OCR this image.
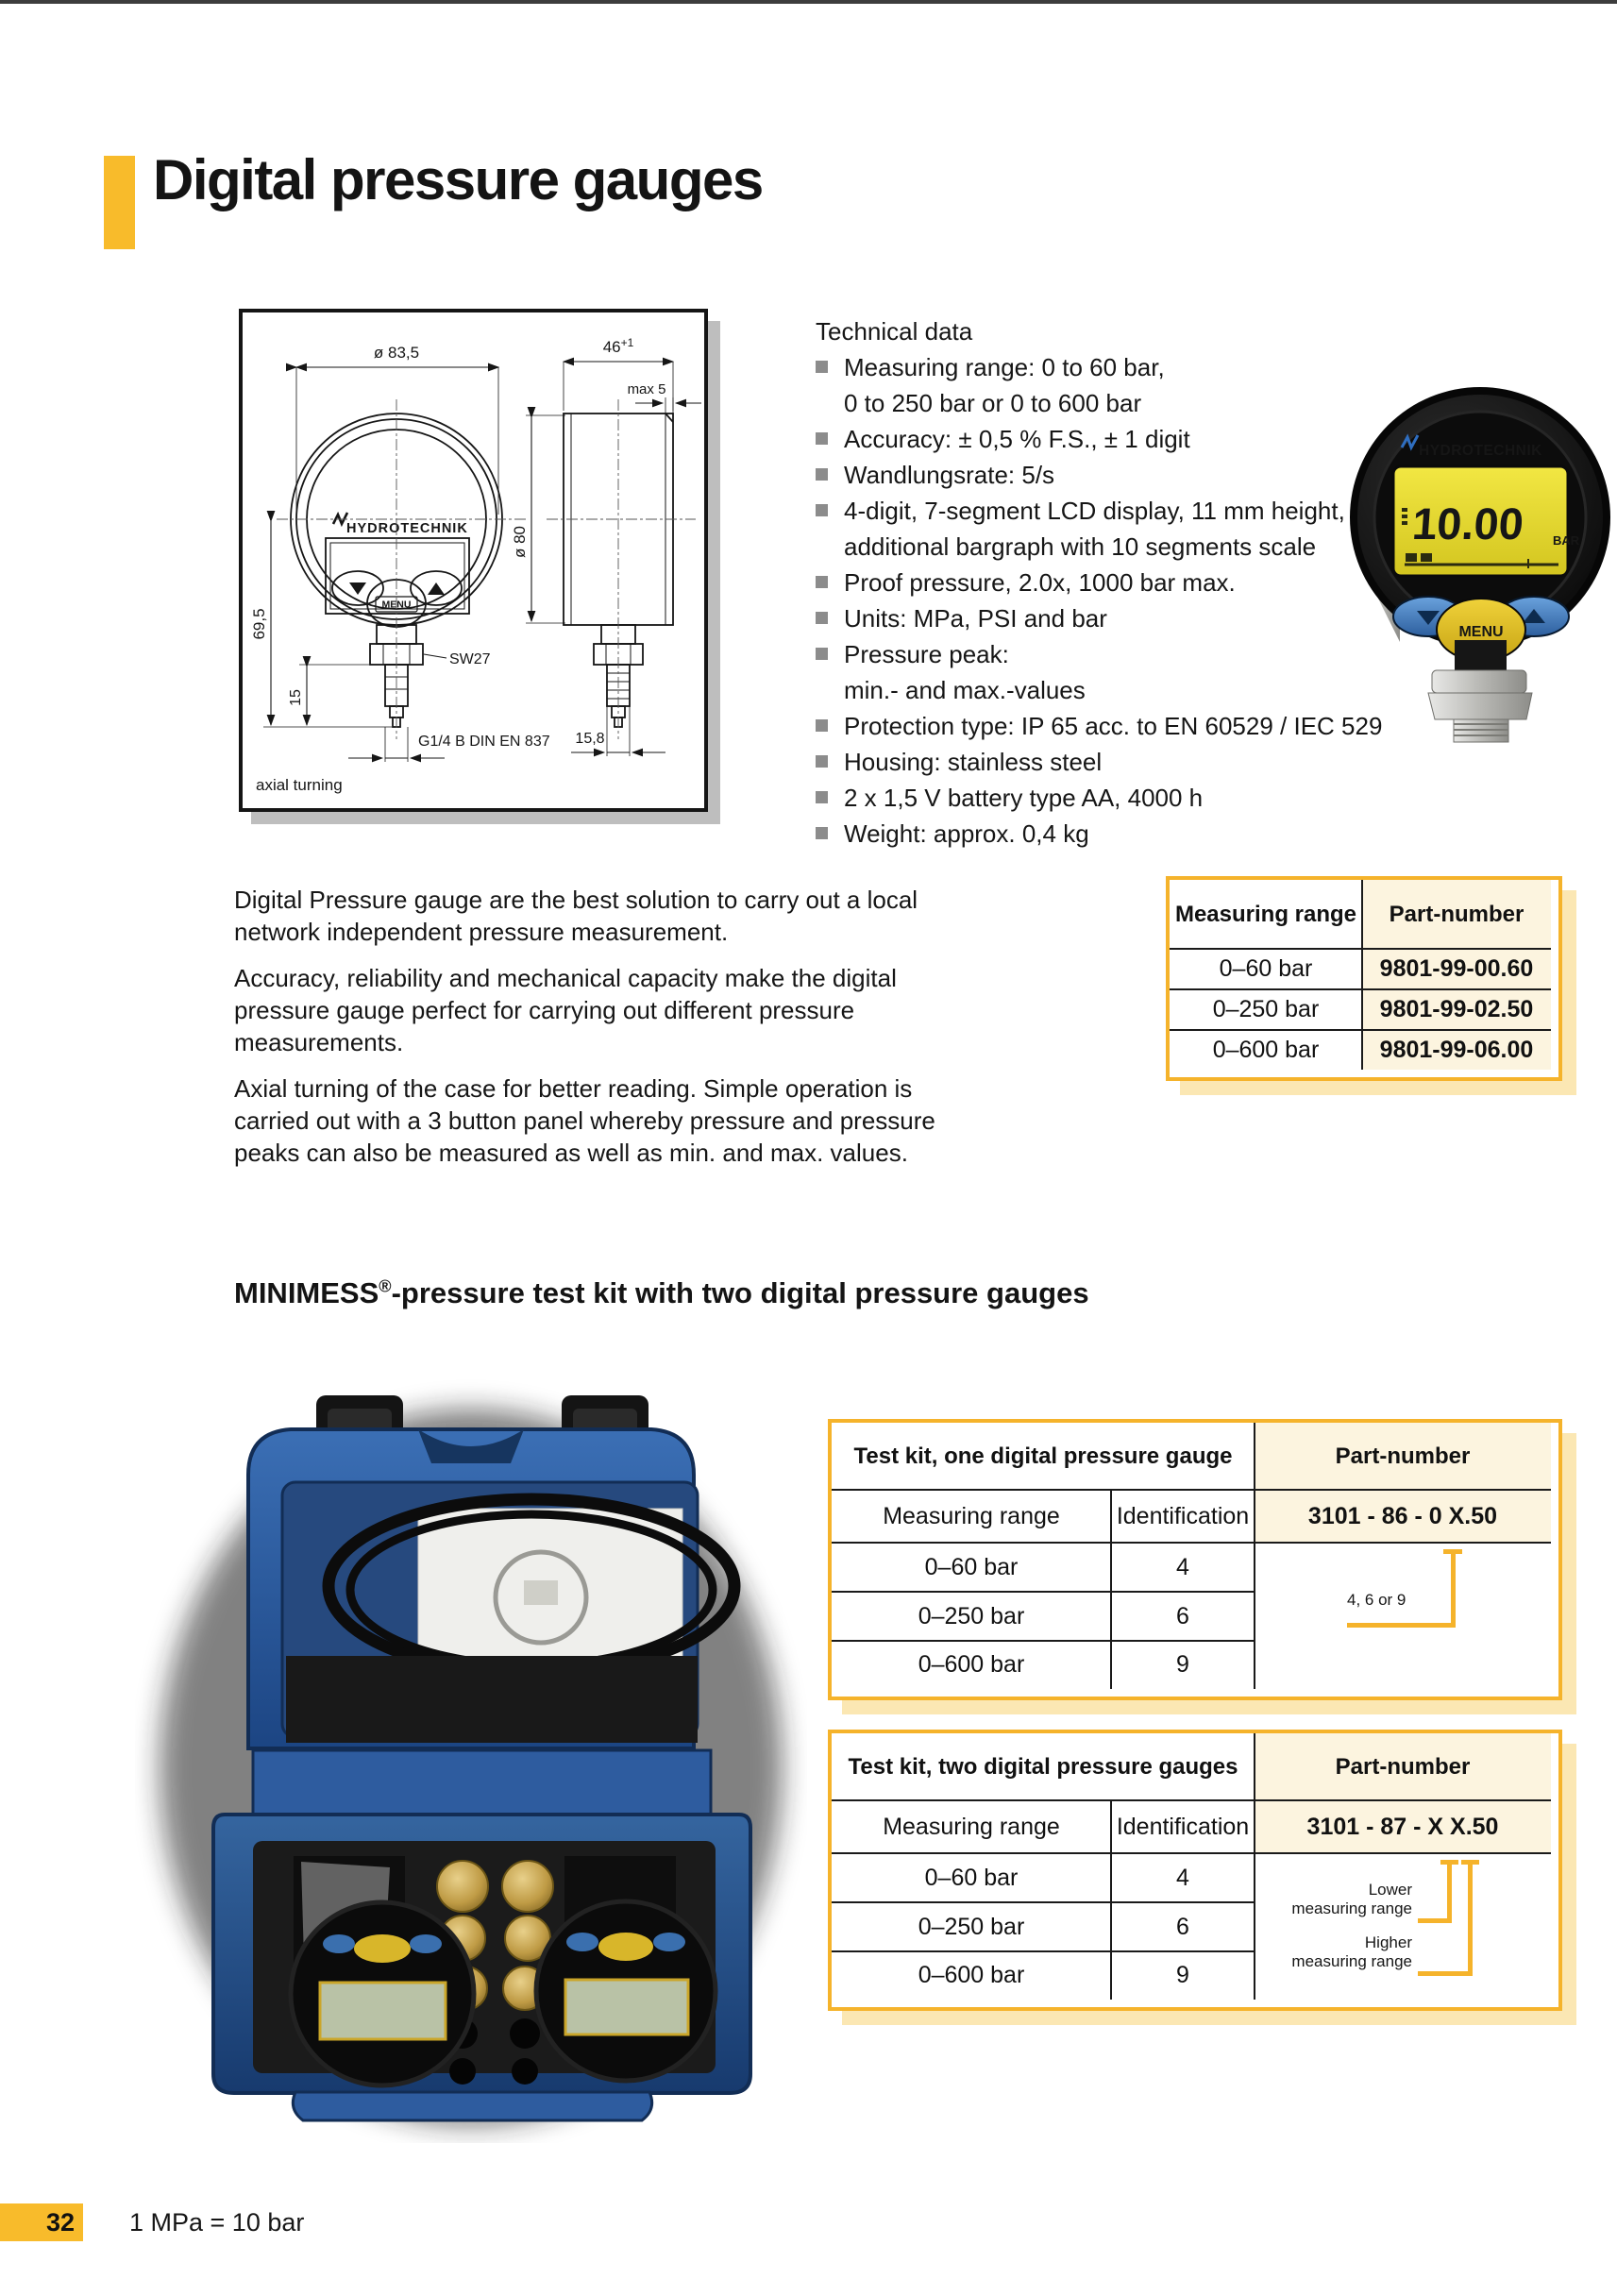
Digital pressure gauges
MENU
HYDROTECHNIK
ø 83,5	$46^{+1}$
max 5
ø 80
69,5
15
SW27
G1/4 B DIN EN 837 15,8
axial turning
Technical data
Measuring range: 0 to 60 bar,
0 to 250 bar or 0 to 600 bar
Accuracy: ± 0,5 % F.S., ± 1 digit
Wandlungsrate: 5/s
4-digit, 7-segment LCD display, 11 mm height,
additional bargraph with 10 segments scale
Proof pressure, 2.0x, 1000 bar max.
Units: MPa, PSI and bar
Pressure peak:
min.- and max.-values
Protection type: IP 65 acc. to EN 60529 / IEC 529
Housing: stainless steel
2 x 1,5 V battery type AA, 4000 h
Weight: approx. 0,4 kg
HYDROTECHNIK
10.00 BAR
MENU

Digital Pressure gauge are the best solution to carry out a local network independent pressure measurement.

Accuracy, reliability and mechanical capacity make the digital pressure gauge perfect for carrying out different pressure measurements.

Axial turning of the case for better reading. Simple operation is carried out with a 3 button panel whereby pressure and pressure peaks can also be measured as well as min. and max. values.

Measuring range	Part-number
0–60 bar	9801-99-00.60
0–250 bar	9801-99-02.50
0–600 bar	9801-99-06.00
MINIMESS®-pressure test kit with two digital pressure gauges
Test kit, one digital pressure gauge	Part-number
Measuring range	Identification	3101 - 86 - 0 X.50
0–60 bar	4
0–250 bar	6
0–600 bar	9
4, 6 or 9
Test kit, two digital pressure gauges	Part-number
Measuring range	Identification	3101 - 87 - X X.50
0–60 bar	4
0–250 bar	6
0–600 bar	9
Lower
measuring range
Higher
measuring range
32	1 MPa = 10 bar
